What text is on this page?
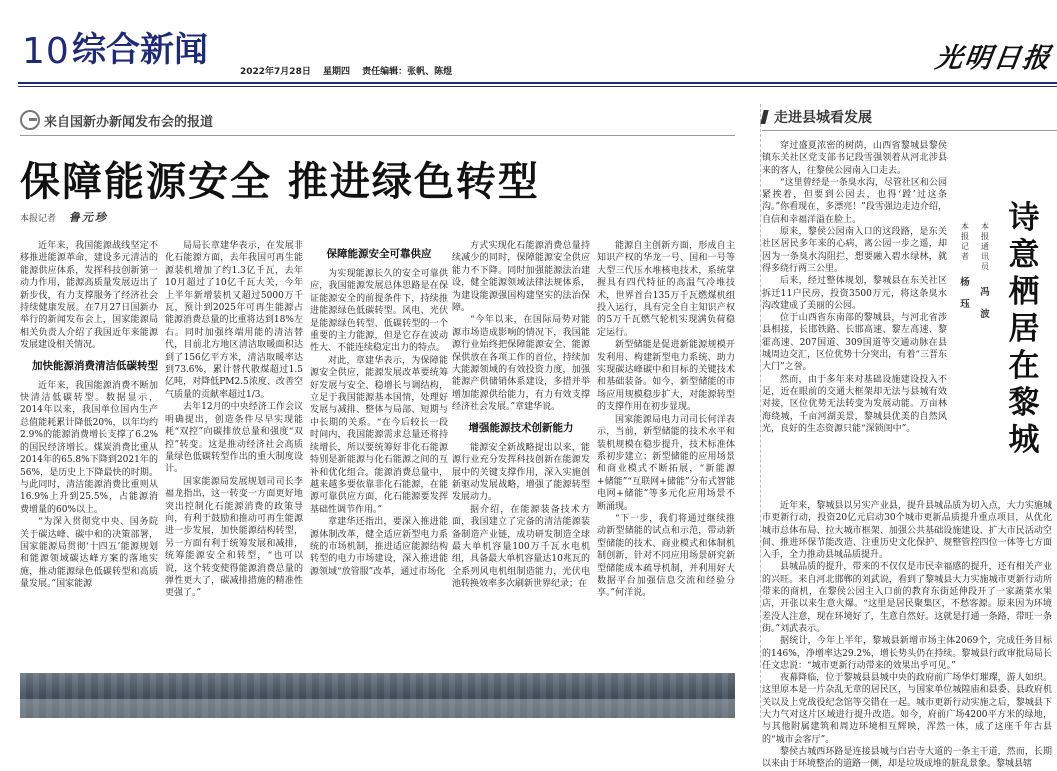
10 综合新闻
2022年7月28日 星期四 责任编辑：张帆、陈煜	光明日报
来自国新办新闻发布会的报道
保障能源安全 推进绿色转型
本报记者 鲁元珍

近年来，我国能源战线坚定不移推进能源革命，建设多元清洁的能源供应体系，发挥科技创新第一动力作用，能源高质量发展迈出了新步伐，有力支撑服务了经济社会持续健康发展。在7月27日国新办举行的新闻发布会上，国家能源局相关负责人介绍了我国近年来能源发展建设相关情况。

加快能源消费清洁低碳转型

近年来，我国能源消费不断加快清洁低碳转型。数据显示，2014年以来，我国单位国内生产总值能耗累计降低20%，以年均约2.9%的能源消费增长支撑了6.2%的国民经济增长。煤炭消费比重从2014年的65.8%下降到2021年的56%，是历史上下降最快的时期。与此同时，清洁能源消费比重则从16.9%上升到25.5%，占能源消费增量的60%以上。

“为深入贯彻党中央、国务院关于碳达峰、碳中和的决策部署，国家能源局贯彻‘十四五’能源规划和能源领域碳达峰方案的落地实施，推动能源绿色低碳转型和高质量发展。”国家能源

局局长章建华表示，在发展非化石能源方面，去年我国可再生能源装机增加了约1.3亿千瓦，去年10月超过了10亿千瓦大关，今年上半年新增装机又超过5000万千瓦，预计到2025年可再生能源占能源消费总量的比重将达到18%左右。同时加强终端用能的清洁替代，目前北方地区清洁取暖面积达到了156亿平方米，清洁取暖率达到73.6%，累计替代散煤超过1.5亿吨，对降低PM2.5浓度、改善空气质量的贡献率超过1/3。

去年12月的中央经济工作会议明确提出，创造条件尽早实现能耗“双控”向碳排放总量和强度“双控”转变。这是推动经济社会高质量绿色低碳转型作出的重大制度设计。

国家能源局发展规划司司长李福龙指出，这一转变一方面更好地突出控制化石能源消费的政策导向，有利于鼓励和推动可再生能源进一步发展，加快能源结构转型，另一方面有利于统筹发展和减排，统筹能源安全和转型，“也可以说，这个转变使得能源消费总量的弹性更大了，碳减排措施的精准性更强了。”

保障能源安全可靠供应

为实现能源长久的安全可靠供应，我国能源发展总体思路是在保证能源安全的前提条件下，持续推进能源绿色低碳转型。风电、光伏是能源绿色转型、低碳转型的一个重要的主力能源，但是它存在波动性大、不能连续稳定出力的特点。

对此，章建华表示，为保障能源安全供应，能源发展改革要统筹好发展与安全、稳增长与调结构，立足于我国能源基本国情，处理好发展与减排、整体与局部、短期与中长期的关系。“在今后较长一段时间内，我国能源需求总量还将持续增长，所以要统筹好非化石能源特别是新能源与化石能源之间的互补和优化组合。能源消费总量中，越来越多要依靠非化石能源，在能源可靠供应方面，化石能源要发挥基础性调节作用。”

章建华还指出，要深入推进能源体制改革，健全适应新型电力系统的市场机制，推进适应能源结构转型的电力市场建设，深入推进能源领域“放管服”改革，通过市场化

方式实现化石能源消费总量持续减少的同时，保障能源安全供应能力不下降。同时加强能源法治建设，健全能源领域法律法规体系，为建设能源强国构建坚实的法治保障。

“今年以来，在国际局势对能源市场造成影响的情况下，我国能源行业始终把保障能源安全、能源保供放在各项工作的首位，持续加大能源领域的有效投资力度，加强能源产供储销体系建设，多措并举增加能源供给能力，有力有效支撑经济社会发展。”章建华说。

增强能源技术创新能力

能源安全新战略提出以来，能源行业充分发挥科技创新在能源发展中的关键支撑作用，深入实施创新驱动发展战略，增强了能源转型发展动力。

据介绍，在能源装备技术方面，我国建立了完备的清洁能源装备制造产业链，成功研发制造全球最大单机容量100万千瓦水电机组，具备最大单机容量达10兆瓦的全系列风电机组制造能力，光伏电池转换效率多次刷新世界纪录；在

能源自主创新方面，形成自主知识产权的华龙一号、国和一号等大型三代压水堆核电技术，系统掌握具有四代特征的高温气冷堆技术，世界首台135万千瓦燃煤机组投入运行，具有完全自主知识产权的5万千瓦燃气轮机实现满负荷稳定运行。

新型储能是促进新能源规模开发利用、构建新型电力系统、助力实现碳达峰碳中和目标的关键技术和基础装备。如今，新型储能的市场应用规模稳步扩大，对能源转型的支撑作用在初步显现。

国家能源局电力司司长何洋表示，当前，新型储能的技术水平和装机规模在稳步提升，技术标准体系初步建立；新型储能的应用场景和商业模式不断拓展，“新能源+储能”“互联网+储能”分布式智能电网+储能”等多元化应用场景不断涌现。

“下一步，我们将通过继续推动新型储能的试点和示范，带动新型储能的技术、商业模式和体制机制创新，针对不同应用场景研究新型储能成本疏导机制，并利用好大数据平台加强信息交流和经验分享。”何洋说。

走进县城看发展

穿过盛夏浓密的树荫，山西省黎城县黎侯镇东关社区党支部书记段雪强领着从河北涉县来的客人，往黎侯公园南入口走去。

“这里曾经是一条臭水沟，尽管社区和公园紧挨着，但要到公园去，也得‘蹚’过这条沟。”你看现在，多漂亮！”段雪强边走边介绍，自信和幸福洋溢在脸上。

原来，黎侯公园南入口的这段路，是东关社区居民多年来的心病，离公园一步之遥，却因为一条臭水沟阻拦，想要融入碧水绿林，就得多绕行两三公里。

后来，经过整体规划，黎城县在东关社区拆迁11户民房，投资3500万元，将这条臭水沟改建成了美丽的公园。

位于山西省东南部的黎城县，与河北省涉县相接，长邯铁路、长邯高速、黎左高速、黎霍高速、207国道、309国道等交通动脉在县城周边交汇，区位优势十分突出，有着“三晋东大门”之誉。

然而，由于多年来对基础设施建设投入不足，近在眼前的交通大框架却无法与县城有效对接，区位优势无法转变为发展动能。万亩林海绕城，千亩河湖美景，黎城县优美的自然风光，良好的生态资源只能“深锁闺中”。

本
报
记
者
杨
珏
本
报
通
讯
员
冯
波
诗
意
栖
居
在
黎
城

近年来，黎城县以另实产业县，提升县城品质为切入点，大力实施城市更新行动，投资20亿元启动30个城市更新品质提升重点项目，从优化城市总体布局、拉大城市框架、加强公共基础设施建设、扩大市民活动空间、推进环保节能改造、注重历史文化保护、规整管控四位一体等七方面入手，全力推动县城品质提升。

县城品质的提升，带来的不仅仅是市民幸福感的提升，还有相关产业的兴旺。来自河北邯郸的刘武说，看到了黎城县大力实施城市更新行动所带来的商机，在黎侯公园主入口前的教育东街延伸段开了一家蔬菜水果店，开张以来生意火爆。“这里是居民聚集区，不愁客源。原来因为环境差没人注意，现在环境好了，生意自然好。这就是打通一条路，带旺一条街。”刘武表示。

据统计，今年上半年，黎城县新增市场主体2069个，完成任务目标的146%，净增率达29.2%，增长势头仍在持续。黎城县行政审批局局长任文忠说：“城市更新行动带来的效果出乎可见。”

夜幕降临，位于黎城县县城中央的政府前广场华灯璀璨，游人如织。这里原本是一片杂乱无章的居民区，与国家单位城隍庙和县委、县政府机关以及上党战役纪念馆等交错在一起。城市更新行动实施之后，黎城县下大力气对这片区域进行提升改造。如今，府前广场4200平方米的绿地，与其他附属建筑和周边环境相互辉映，浑然一体，成了这座千年古县的“城市会客厅”。

黎侯古城西环路是连接县城与白岩寺大道的一条主干道，然而，长期以来由于环境整治的道路一侧，却是垃圾成堆的脏乱景象。黎城县辖
